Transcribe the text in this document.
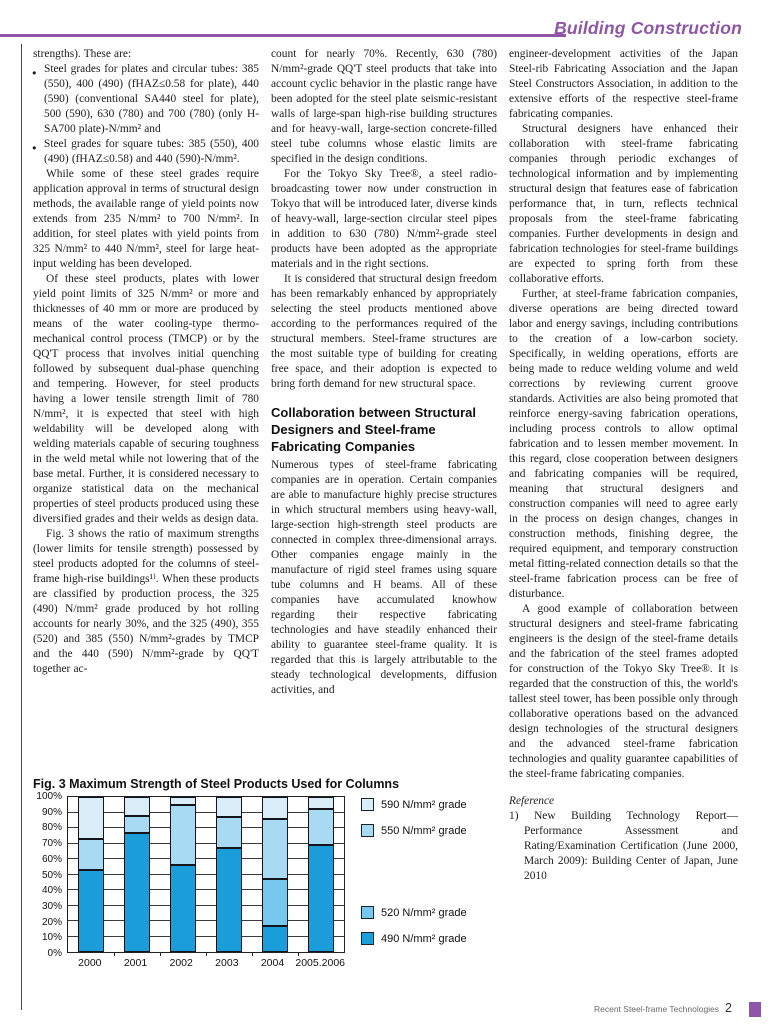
Building Construction

strengths). These are:

● Steel grades for plates and circular tubes: 385 (550), 400 (490) (fHAZ≤0.58 for plate), 440 (590) (conventional SA440 steel for plate), 500 (590), 630 (780) and 700 (780) (only H-SA700 plate)-N/mm² and

● Steel grades for square tubes: 385 (550), 400 (490) (fHAZ≤0.58) and 440 (590)-N/mm².

While some of these steel grades require application approval in terms of structural design methods, the available range of yield points now extends from 235 N/mm² to 700 N/mm². In addition, for steel plates with yield points from 325 N/mm² to 440 N/mm², steel for large heat-input welding has been developed.

Of these steel products, plates with lower yield point limits of 325 N/mm² or more and thicknesses of 40 mm or more are produced by means of the water cooling-type thermo-mechanical control process (TMCP) or by the QQ'T process that involves initial quenching followed by subsequent dual-phase quenching and tempering. However, for steel products having a lower tensile strength limit of 780 N/mm², it is expected that steel with high weldability will be developed along with welding materials capable of securing toughness in the weld metal while not lowering that of the base metal. Further, it is considered necessary to organize statistical data on the mechanical properties of steel products produced using these diversified grades and their welds as design data.

Fig. 3 shows the ratio of maximum strengths (lower limits for tensile strength) possessed by steel products adopted for the columns of steel-frame high-rise buildings¹⁾. When these products are classified by production process, the 325 (490) N/mm² grade produced by hot rolling accounts for nearly 30%, and the 325 (490), 355 (520) and 385 (550) N/mm²-grades by TMCP and the 440 (590) N/mm²-grade by QQ'T together ac-

count for nearly 70%. Recently, 630 (780) N/mm²-grade QQ'T steel products that take into account cyclic behavior in the plastic range have been adopted for the steel plate seismic-resistant walls of large-span high-rise building structures and for heavy-wall, large-section concrete-filled steel tube columns whose elastic limits are specified in the design conditions.

For the Tokyo Sky Tree®, a steel radio-broadcasting tower now under construction in Tokyo that will be introduced later, diverse kinds of heavy-wall, large-section circular steel pipes in addition to 630 (780) N/mm²-grade steel products have been adopted as the appropriate materials and in the right sections.

It is considered that structural design freedom has been remarkably enhanced by appropriately selecting the steel products mentioned above according to the performances required of the structural members. Steel-frame structures are the most suitable type of building for creating free space, and their adoption is expected to bring forth demand for new structural space.

Collaboration between Structural Designers and Steel-frame Fabricating Companies

Numerous types of steel-frame fabricating companies are in operation. Certain companies are able to manufacture highly precise structures in which structural members using heavy-wall, large-section high-strength steel products are connected in complex three-dimensional arrays. Other companies engage mainly in the manufacture of rigid steel frames using square tube columns and H beams. All of these companies have accumulated knowhow regarding their respective fabricating technologies and have steadily enhanced their ability to guarantee steel-frame quality. It is regarded that this is largely attributable to the steady technological developments, diffusion activities, and

engineer-development activities of the Japan Steel-rib Fabricating Association and the Japan Steel Constructors Association, in addition to the extensive efforts of the respective steel-frame fabricating companies.

Structural designers have enhanced their collaboration with steel-frame fabricating companies through periodic exchanges of technological information and by implementing structural design that features ease of fabrication performance that, in turn, reflects technical proposals from the steel-frame fabricating companies. Further developments in design and fabrication technologies for steel-frame buildings are expected to spring forth from these collaborative efforts.

Further, at steel-frame fabrication companies, diverse operations are being directed toward labor and energy savings, including contributions to the creation of a low-carbon society. Specifically, in welding operations, efforts are being made to reduce welding volume and weld corrections by reviewing current groove standards. Activities are also being promoted that reinforce energy-saving fabrication operations, including process controls to allow optimal fabrication and to lessen member movement. In this regard, close cooperation between designers and fabricating companies will be required, meaning that structural designers and construction companies will need to agree early in the process on design changes, changes in construction methods, finishing degree, the required equipment, and temporary construction metal fitting-related connection details so that the steel-frame fabrication process can be free of disturbance.

A good example of collaboration between structural designers and steel-frame fabricating engineers is the design of the steel-frame details and the fabrication of the steel frames adopted for construction of the Tokyo Sky Tree®. It is regarded that the construction of this, the world's tallest steel tower, has been possible only through collaborative operations based on the advanced design technologies of the structural designers and the advanced steel-frame fabrication technologies and quality guarantee capabilities of the steel-frame fabricating companies.

Reference

1) New Building Technology Report—Performance Assessment and Rating/Examination Certification (June 2000, March 2009): Building Center of Japan, June 2010

Fig. 3 Maximum Strength of Steel Products Used for Columns
0%
10%
20%
30%
40%
50%
60%
70%
80%
90%
100%
2000	2001	2002	2003	2004	2005.2006
590 N/mm² grade
550 N/mm² grade
520 N/mm² grade
490 N/mm² grade
Recent Steel-frame Technologies 2
